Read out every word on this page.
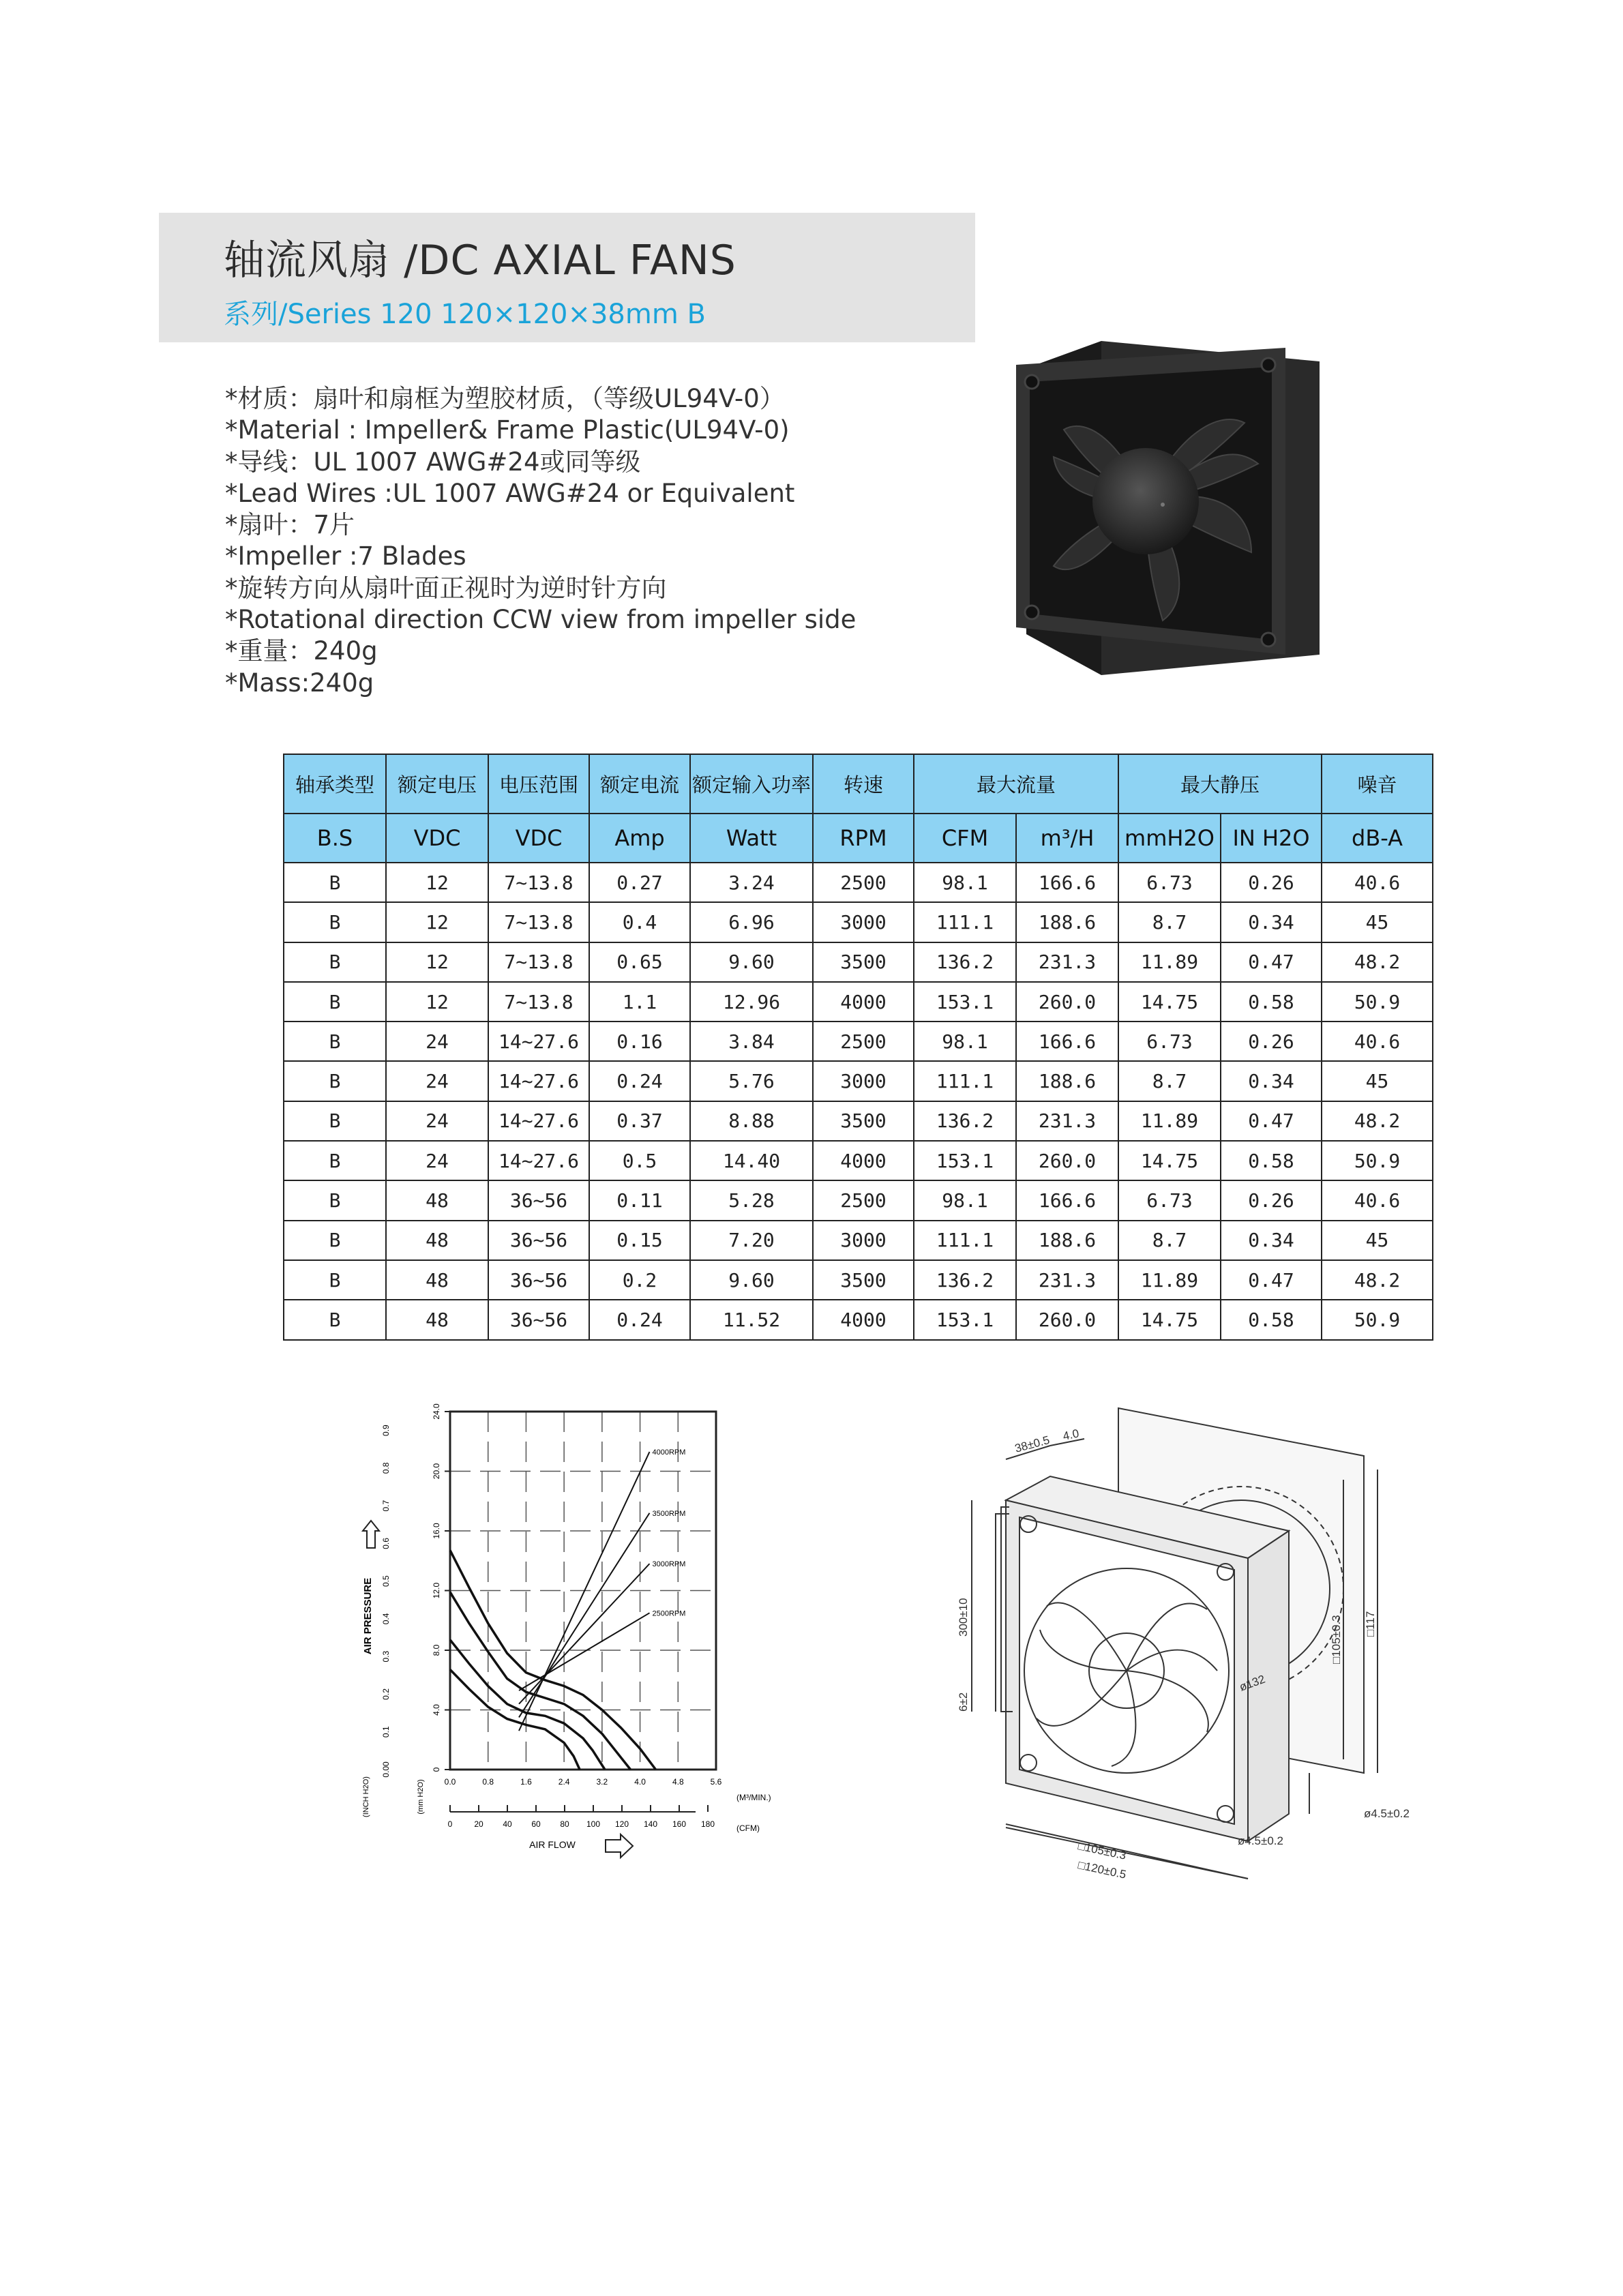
轴流风扇 /DC AXIAL FANS
系列/Series 120 120×120×38mm B
*材质：扇叶和扇框为塑胶材质，（等级UL94V-0）
*Material : Impeller& Frame Plastic(UL94V-0)
*导线：UL 1007 AWG#24或同等级
*Lead Wires :UL 1007 AWG#24 or Equivalent
*扇叶：7片
*Impeller :7 Blades
*旋转方向从扇叶面正视时为逆时针方向
*Rotational direction CCW view from impeller side
*重量：240g
*Mass:240g
轴承类型	额定电压	电压范围	额定电流	额定输入功率	转速	最大流量		最大静压		噪音
B.S	VDC	VDC	Amp	Watt	RPM	CFM	m³/H	mmH2O	IN H2O	dB-A
B	12	7~13.8	0.27	3.24	2500	98.1	166.6	6.73	0.26	40.6
B	12	7~13.8	0.4	6.96	3000	111.1	188.6	8.7	0.34	45
B	12	7~13.8	0.65	9.60	3500	136.2	231.3	11.89	0.47	48.2
B	12	7~13.8	1.1	12.96	4000	153.1	260.0	14.75	0.58	50.9
B	24	14~27.6	0.16	3.84	2500	98.1	166.6	6.73	0.26	40.6
B	24	14~27.6	0.24	5.76	3000	111.1	188.6	8.7	0.34	45
B	24	14~27.6	0.37	8.88	3500	136.2	231.3	11.89	0.47	48.2
B	24	14~27.6	0.5	14.40	4000	153.1	260.0	14.75	0.58	50.9
B	48	36~56	0.11	5.28	2500	98.1	166.6	6.73	0.26	40.6
B	48	36~56	0.15	7.20	3000	111.1	188.6	8.7	0.34	45
B	48	36~56	0.2	9.60	3500	136.2	231.3	11.89	0.47	48.2
B	48	36~56	0.24	11.52	4000	153.1	260.0	14.75	0.58	50.9
0
4.0
8.0
12.0
16.0
20.0
24.0
0.00
0.1
0.2
0.3
0.4
0.5
0.6
0.7
0.8
0.9
0.0	0.8	1.6	2.4	3.2	4.0	4.8	5.6
(M³/MIN.)
0	20 40 60 80 100 120 140 160 180	(CFM)
(INCH H2O)	(mm H2O)
4000RPM
3500RPM
3000RPM
2500RPM
AIR PRESSURE
AIR FLOW
38±0.5 4.0
300±10
6±2
□105±0.3
□120±0.5
□105±0.3 □117
ø132
ø4.5±0.2
ø4.5±0.2
